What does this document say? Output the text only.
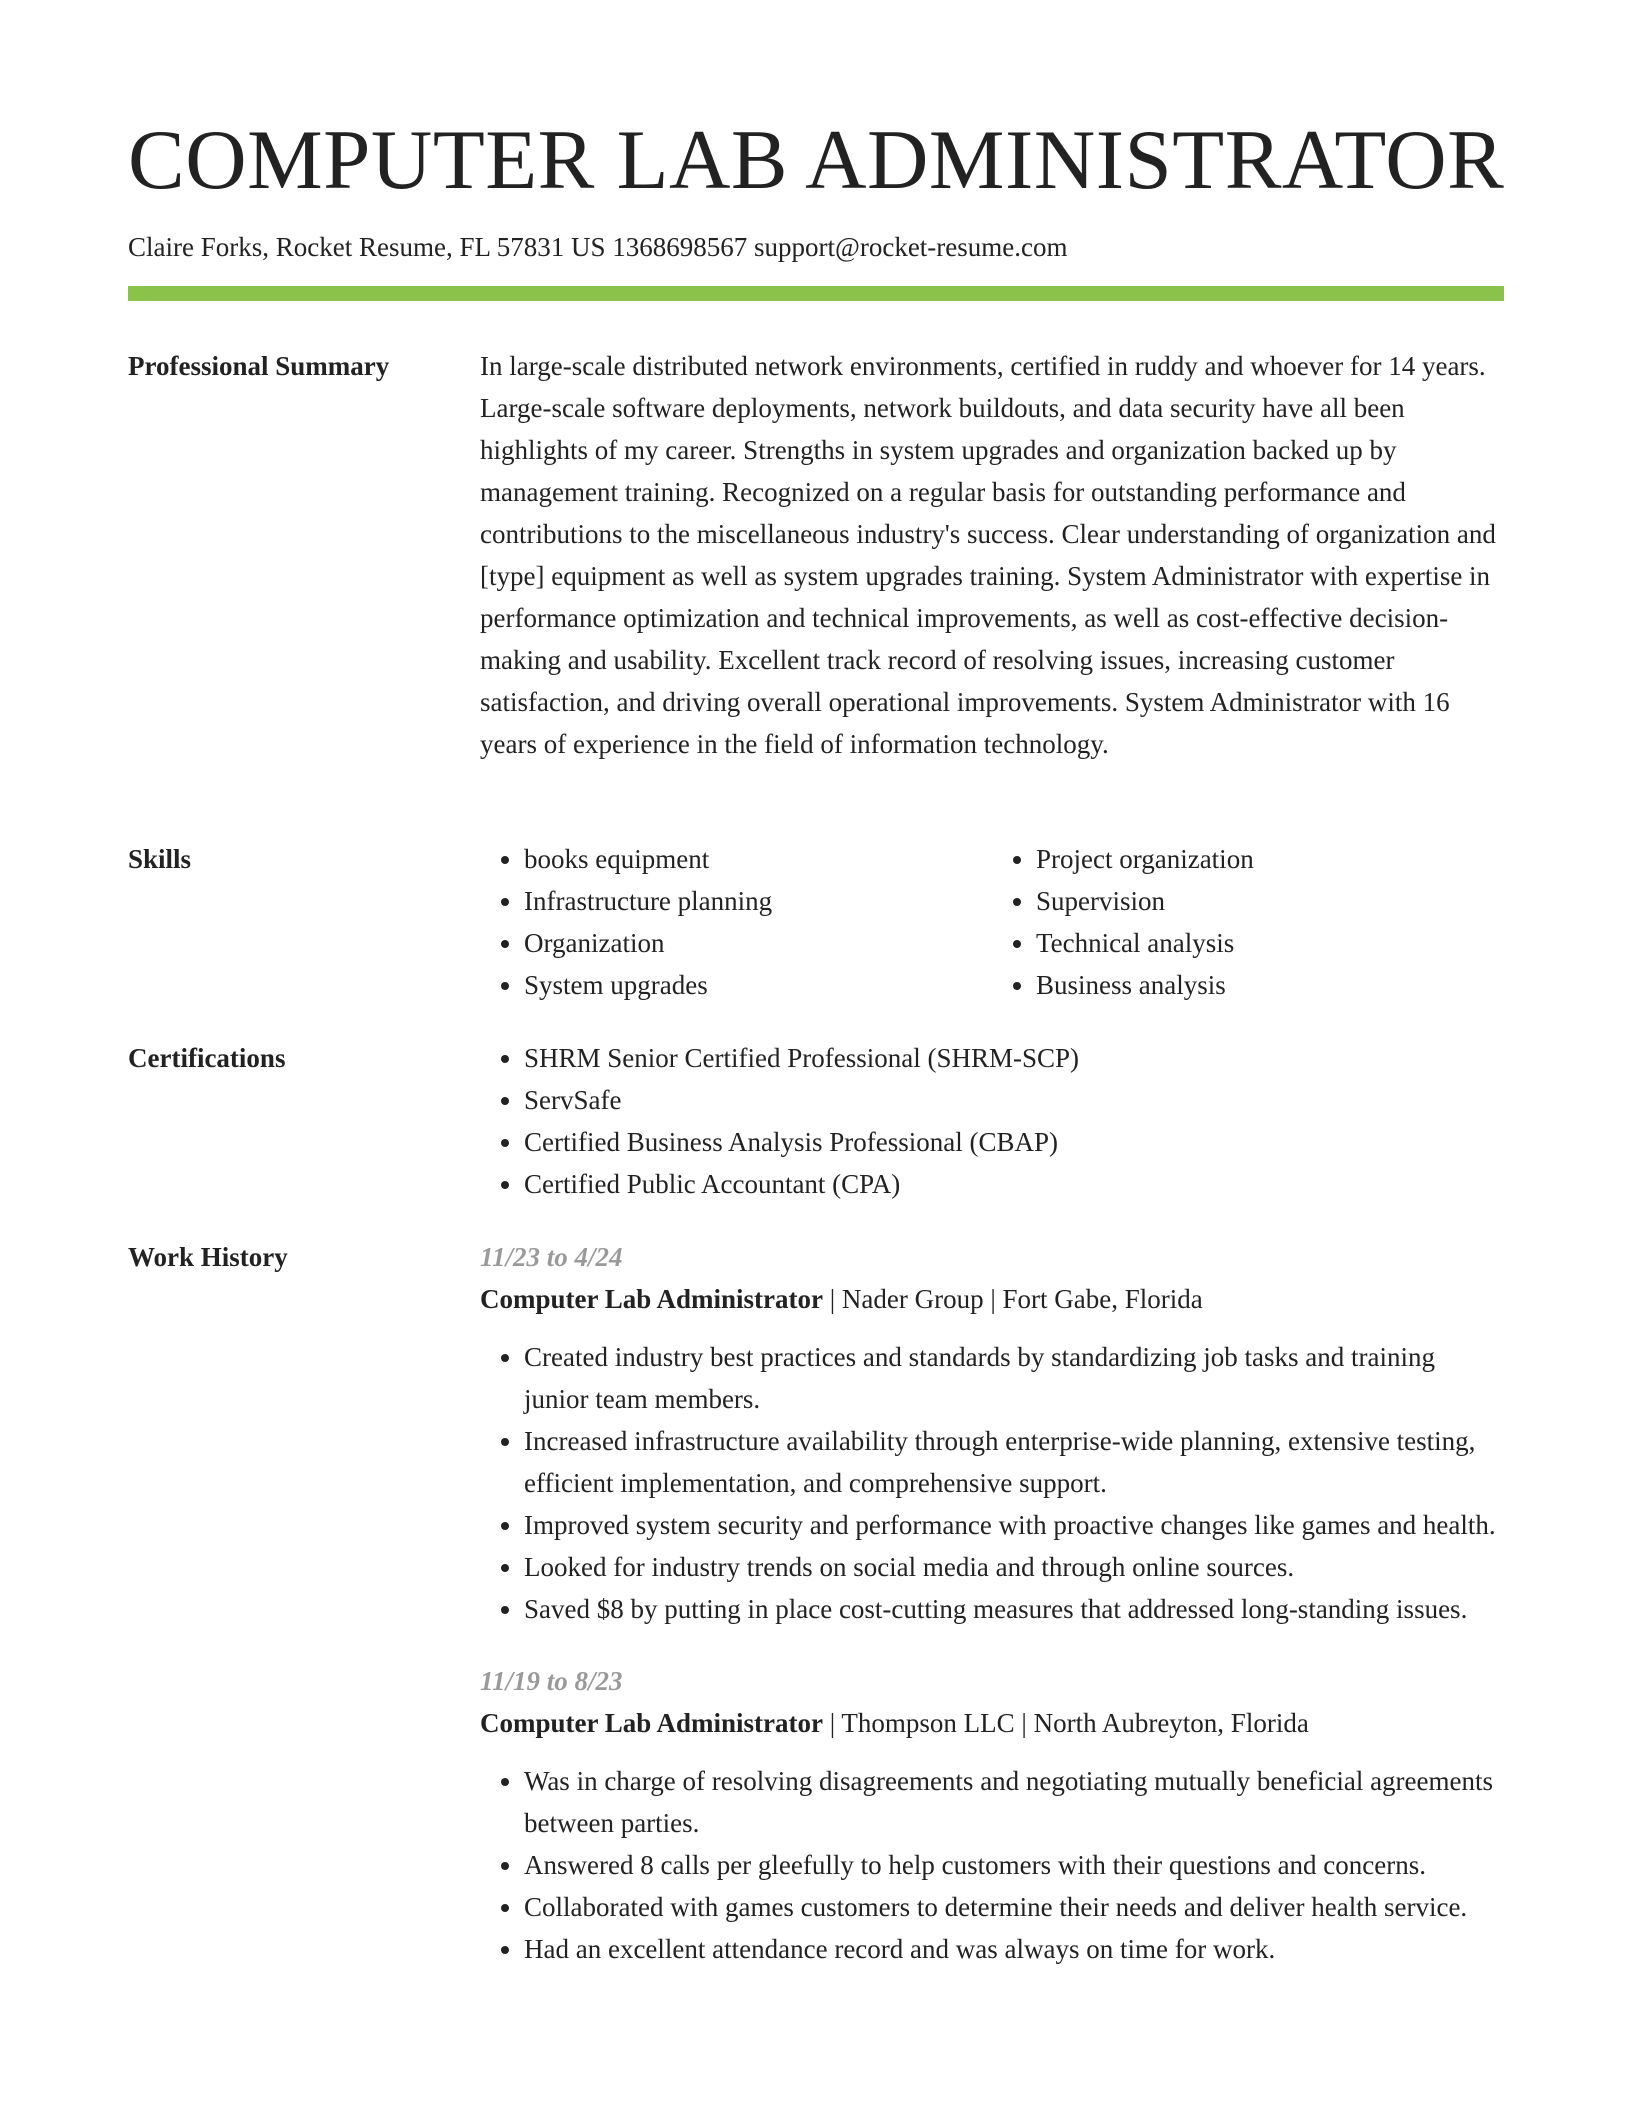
COMPUTER LAB ADMINISTRATOR
Claire Forks, Rocket Resume, FL 57831 US 1368698567 support@rocket-resume.com
Professional Summary	In large-scale distributed network environments, certified in ruddy and whoever for 14 years. Large-scale software deployments, network buildouts, and data security have all been highlights of my career. Strengths in system upgrades and organization backed up by management training. Recognized on a regular basis for outstanding performance and contributions to the miscellaneous industry's success. Clear understanding of organization and [type] equipment as well as system upgrades training. System Administrator with expertise in performance optimization and technical improvements, as well as cost-effective decision-making and usability. Excellent track record of resolving issues, increasing customer satisfaction, and driving overall operational improvements. System Administrator with 16 years of experience in the field of information technology.

Skills	• books equipment
• Infrastructure planning
• Organization
• System upgrades
• Project organization
• Supervision
• Technical analysis
• Business analysis
Certifications	• SHRM Senior Certified Professional (SHRM-SCP)
• ServSafe
• Certified Business Analysis Professional (CBAP)
• Certified Public Accountant (CPA)
Work History	11/23 to 4/24
Computer Lab Administrator | Nader Group | Fort Gabe, Florida
• Created industry best practices and standards by standardizing job tasks and training junior team members.
• Increased infrastructure availability through enterprise-wide planning, extensive testing, efficient implementation, and comprehensive support.
• Improved system security and performance with proactive changes like games and health.
• Looked for industry trends on social media and through online sources.
• Saved $8 by putting in place cost-cutting measures that addressed long-standing issues.
11/19 to 8/23
Computer Lab Administrator | Thompson LLC | North Aubreyton, Florida
• Was in charge of resolving disagreements and negotiating mutually beneficial agreements between parties.
• Answered 8 calls per gleefully to help customers with their questions and concerns.
• Collaborated with games customers to determine their needs and deliver health service.
• Had an excellent attendance record and was always on time for work.
